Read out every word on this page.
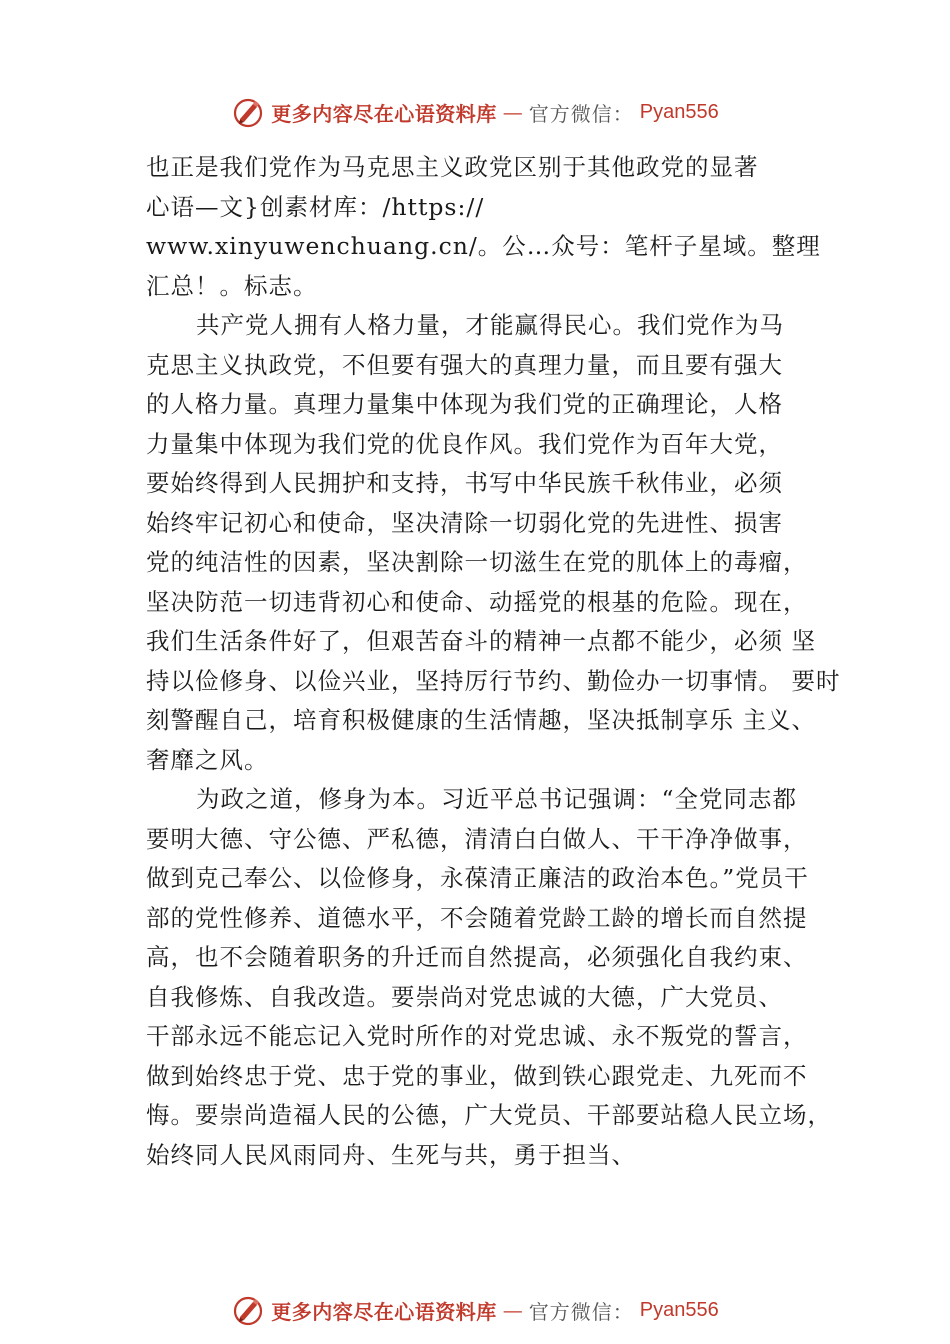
更多内容尽在心语资料库 — 官方微信： Pyan556
也正是我们党作为马克思主义政党区别于其他政党的显著
心语—文}创素材库：/https://
www.xinyuwenchuang.cn/。公…众号：笔杆子星域。整理
汇总！。标志。
共产党人拥有人格力量，才能赢得民心。我们党作为马
克思主义执政党，不但要有强大的真理力量，而且要有强大
的人格力量。真理力量集中体现为我们党的正确理论，人格
力量集中体现为我们党的优良作风。我们党作为百年大党，
要始终得到人民拥护和支持，书写中华民族千秋伟业，必须
始终牢记初心和使命，坚决清除一切弱化党的先进性、损害
党的纯洁性的因素，坚决割除一切滋生在党的肌体上的毒瘤，
坚决防范一切违背初心和使命、动摇党的根基的危险。现在，
我们生活条件好了，但艰苦奋斗的精神一点都不能少，必须 坚
持以俭修身、以俭兴业，坚持厉行节约、勤俭办一切事情。 要时
刻警醒自己，培育积极健康的生活情趣，坚决抵制享乐 主义、
奢靡之风。
为政之道，修身为本。习近平总书记强调：“全党同志都
要明大德、守公德、严私德，清清白白做人、干干净净做事，
做到克己奉公、以俭修身，永葆清正廉洁的政治本色。”党员干
部的党性修养、道德水平，不会随着党龄工龄的增长而自然提
高，也不会随着职务的升迁而自然提高，必须强化自我约束、
自我修炼、自我改造。要崇尚对党忠诚的大德，广大党员、
干部永远不能忘记入党时所作的对党忠诚、永不叛党的誓言，
做到始终忠于党、忠于党的事业，做到铁心跟党走、九死而不
悔。要崇尚造福人民的公德，广大党员、干部要站稳人民立场，
始终同人民风雨同舟、生死与共，勇于担当、
更多内容尽在心语资料库 — 官方微信： Pyan556
